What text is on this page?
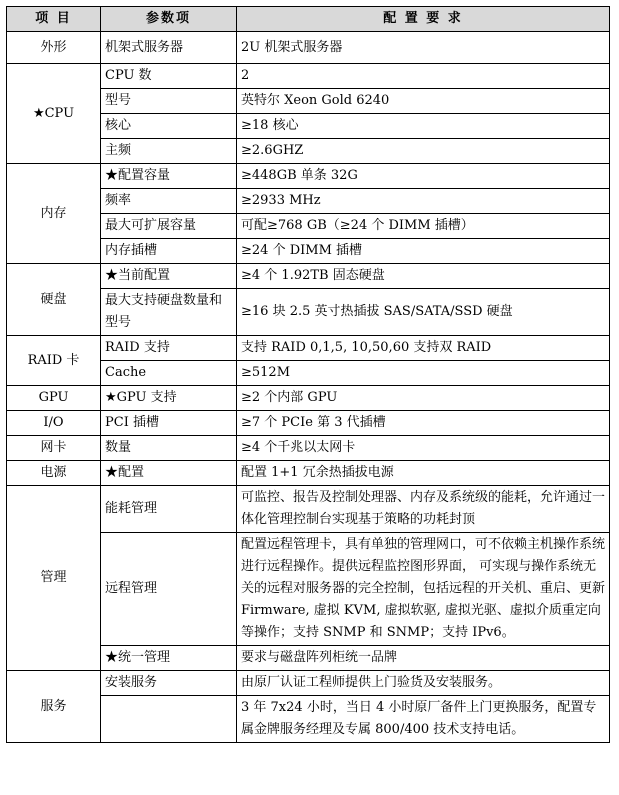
项 目	参数项	配 置 要 求
外形	机架式服务器	2U 机架式服务器
★CPU	CPU 数	2
	型号	英特尔 Xeon Gold 6240
	核心	≥18 核心
	主频	≥2.6GHZ
内存	★配置容量	≥448GB 单条 32G
	频率	≥2933 MHz
	最大可扩展容量	可配≥768 GB（≥24 个 DIMM 插槽）
	内存插槽	≥24 个 DIMM 插槽
硬盘	★当前配置	≥4 个 1.92TB 固态硬盘
	最大支持硬盘数量和型号	≥16 块 2.5 英寸热插拔 SAS/SATA/SSD 硬盘
RAID 卡	RAID 支持	支持 RAID 0,1,5, 10,50,60 支持双 RAID
	Cache	≥512M
GPU	★GPU 支持	≥2 个内部 GPU
I/O	PCI 插槽	≥7 个 PCIe 第 3 代插槽
网卡	数量	≥4 个千兆以太网卡
电源	★配置	配置 1+1 冗余热插拔电源
管理	能耗管理	可监控、报告及控制处理器、内存及系统级的能耗，允许通过一体化管理控制台实现基于策略的功耗封顶
	远程管理	配置远程管理卡，具有单独的管理网口，可不依赖主机操作系统进行远程操作。提供远程监控图形界面， 可实现与操作系统无关的远程对服务器的完全控制，包括远程的开关机、重启、更新 Firmware, 虚拟 KVM, 虚拟软驱, 虚拟光驱、虚拟介质重定向等操作；支持 SNMP 和 SNMP；支持 IPv6。
	★统一管理	要求与磁盘阵列柜统一品牌
服务	安装服务	由原厂认证工程师提供上门验货及安装服务。
		3 年 7x24 小时，当日 4 小时原厂备件上门更换服务，配置专属金牌服务经理及专属 800/400 技术支持电话。
